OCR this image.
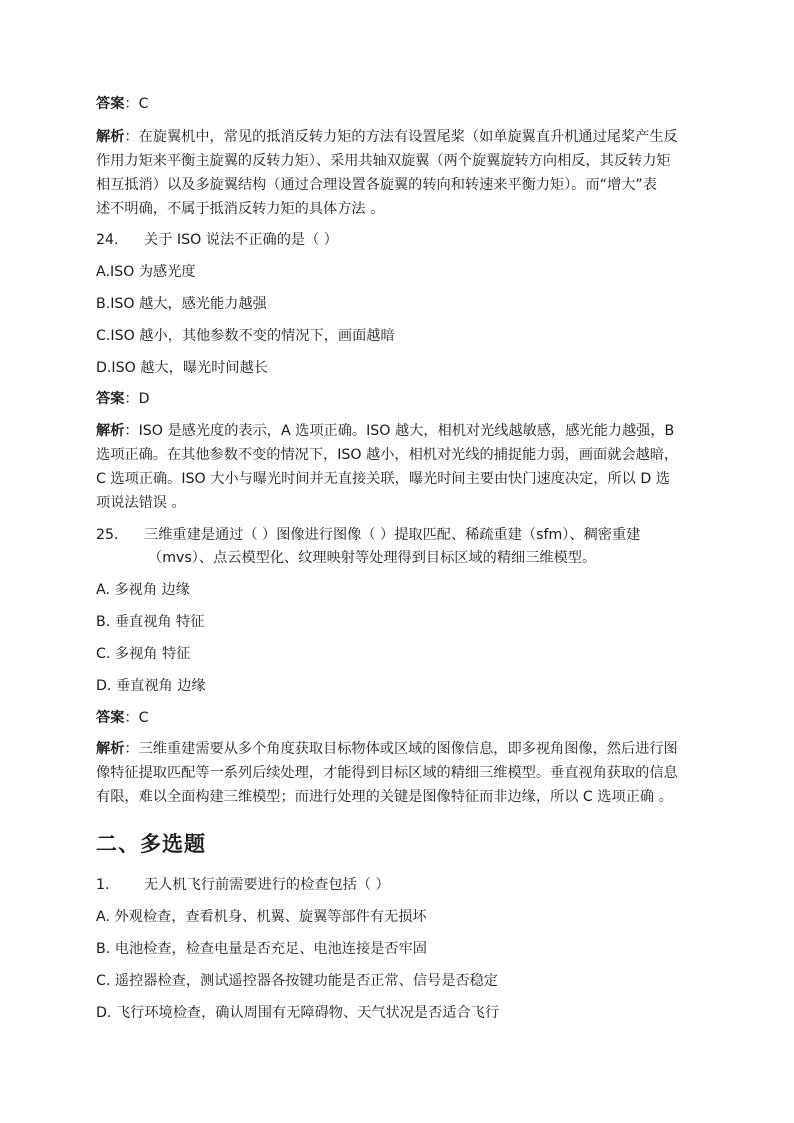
答案：C
解析：在旋翼机中，常见的抵消反转力矩的方法有设置尾桨（如单旋翼直升机通过尾桨产生反
作用力矩来平衡主旋翼的反转力矩）、采用共轴双旋翼（两个旋翼旋转方向相反，其反转力矩
相互抵消）以及多旋翼结构（通过合理设置各旋翼的转向和转速来平衡力矩）。而“增大”表
述不明确，不属于抵消反转力矩的具体方法 。
24. 关于 ISO 说法不正确的是（ ）
A.ISO 为感光度
B.ISO 越大，感光能力越强
C.ISO 越小，其他参数不变的情况下，画面越暗
D.ISO 越大，曝光时间越长
答案：D
解析：ISO 是感光度的表示，A 选项正确。ISO 越大，相机对光线越敏感，感光能力越强，B
选项正确。在其他参数不变的情况下，ISO 越小，相机对光线的捕捉能力弱，画面就会越暗，
C 选项正确。ISO 大小与曝光时间并无直接关联，曝光时间主要由快门速度决定，所以 D 选
项说法错误 。
25. 三维重建是通过（ ）图像进行图像（ ）提取匹配、稀疏重建（sfm）、稠密重建
（mvs）、点云模型化、纹理映射等处理得到目标区域的精细三维模型。
A. 多视角 边缘
B. 垂直视角 特征
C. 多视角 特征
D. 垂直视角 边缘
答案：C
解析：三维重建需要从多个角度获取目标物体或区域的图像信息，即多视角图像，然后进行图
像特征提取匹配等一系列后续处理，才能得到目标区域的精细三维模型。垂直视角获取的信息
有限，难以全面构建三维模型；而进行处理的关键是图像特征而非边缘，所以 C 选项正确 。
二、多选题
1. 无人机飞行前需要进行的检查包括（ ）
A. 外观检查，查看机身、机翼、旋翼等部件有无损坏
B. 电池检查，检查电量是否充足、电池连接是否牢固
C. 遥控器检查，测试遥控器各按键功能是否正常、信号是否稳定
D. 飞行环境检查，确认周围有无障碍物、天气状况是否适合飞行
